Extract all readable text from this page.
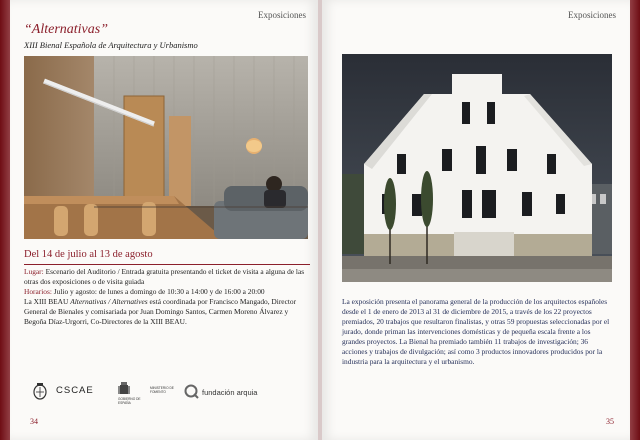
Exposiciones
“Alternativas”
XIII Bienal Española de Arquitectura y Urbanismo
Del 14 de julio al 13 de agosto
Lugar: Escenario del Auditorio / Entrada gratuita presentando el ticket de visita a alguna de las otras dos exposiciones o de visita guiada
Horarios: Julio y agosto: de lunes a domingo de 10:30 a 14:00 y de 16:00 a 20:00
La XIII BEAU Alternativas / Alternatives está coordinada por Francisco Mangado, Director General de Bienales y comisariada por Juan Domingo Santos, Carmen Moreno Álvarez y Begoña Díaz-Urgorri, Co-Directores de la XIII BEAU.
CSCAE
GOBIERNO DE ESPAÑA
MINISTERIO DE FOMENTO	fundación arquia
34
Exposiciones
La exposición presenta el panorama general de la producción de los arquitectos españoles desde el 1 de enero de 2013 al 31 de diciembre de 2015, a través de los 22 proyectos premiados, 20 trabajos que resultaron finalistas, y otras 59 propuestas seleccionadas por el jurado, donde priman las intervenciones domésticas y de pequeña escala frente a los grandes proyectos. La Bienal ha premiado también 11 trabajos de investigación; 36 acciones y trabajos de divulgación; así como 3 productos innovadores producidos por la industria para la arquitectura y el urbanismo.
35
